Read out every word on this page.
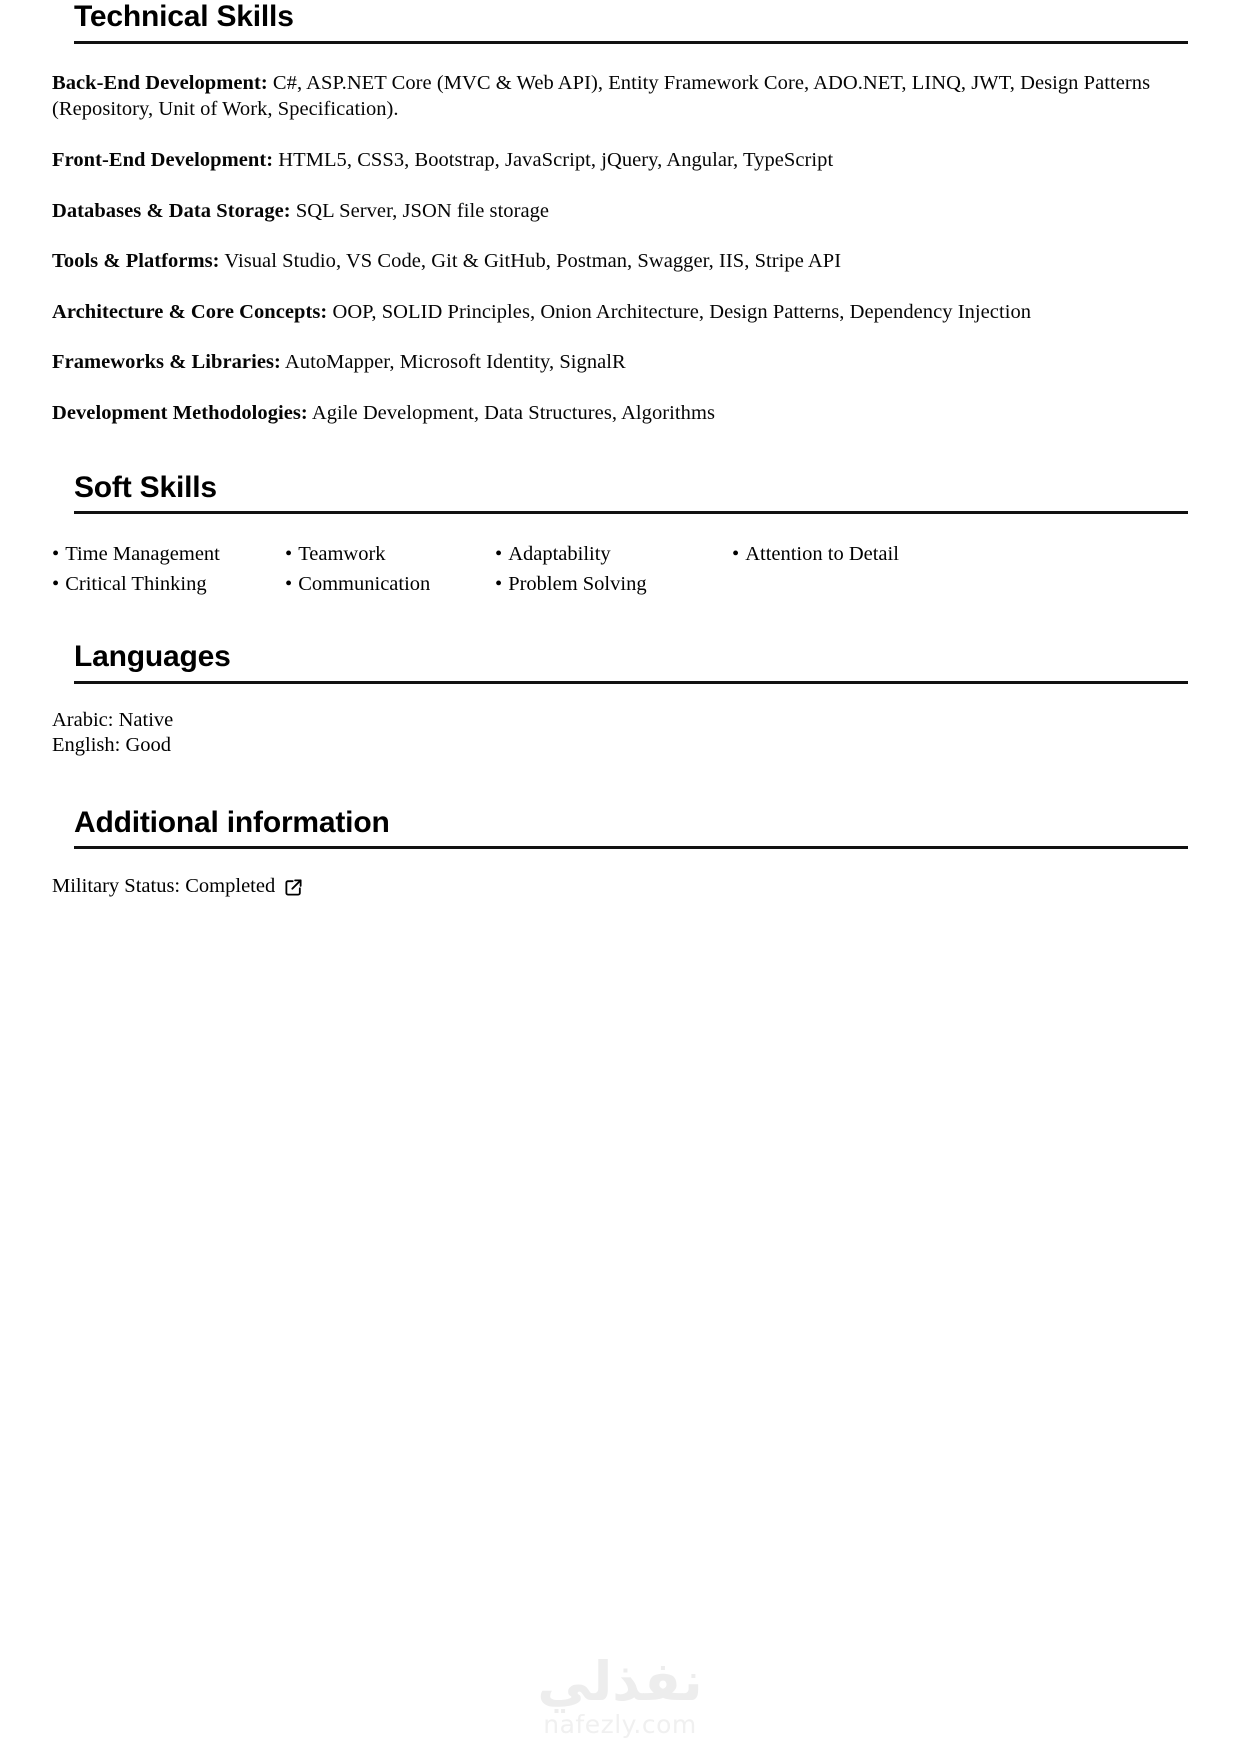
Technical Skills

Back-End Development: C#, ASP.NET Core (MVC & Web API), Entity Framework Core, ADO.NET, LINQ, JWT, Design Patterns (Repository, Unit of Work, Specification).

Front-End Development: HTML5, CSS3, Bootstrap, JavaScript, jQuery, Angular, TypeScript

Databases & Data Storage: SQL Server, JSON file storage

Tools & Platforms: Visual Studio, VS Code, Git & GitHub, Postman, Swagger, IIS, Stripe API

Architecture & Core Concepts: OOP, SOLID Principles, Onion Architecture, Design Patterns, Dependency Injection

Frameworks & Libraries: AutoMapper, Microsoft Identity, SignalR

Development Methodologies: Agile Development, Data Structures, Algorithms

Soft Skills
• Time Management	• Teamwork	• Adaptability	• Attention to Detail
• Critical Thinking	• Communication	• Problem Solving
Languages

Arabic: Native

English: Good

Additional information
Military Status: Completed
نفذلي
nafezly.com
